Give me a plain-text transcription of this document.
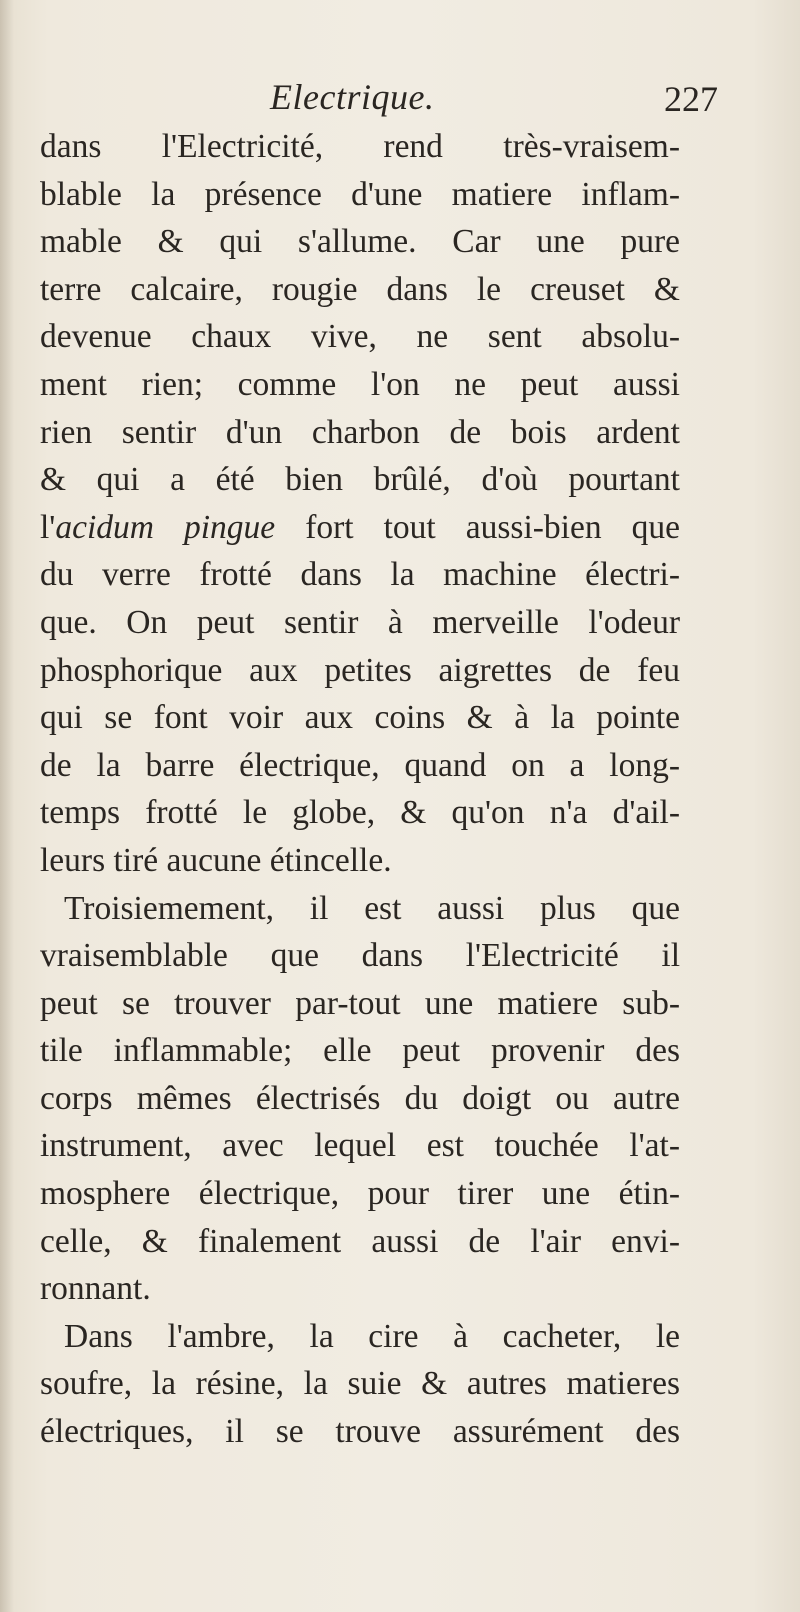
Electrique.	227
dans l'Electricité, rend très-vraisem-
blable la présence d'une matiere inflam-
mable & qui s'allume. Car une pure
terre calcaire, rougie dans le creuset &
devenue chaux vive, ne sent absolu-
ment rien; comme l'on ne peut aussi
rien sentir d'un charbon de bois ardent
& qui a été bien brûlé, d'où pourtant
l'acidum pingue fort tout aussi-bien que
du verre frotté dans la machine électri-
que. On peut sentir à merveille l'odeur
phosphorique aux petites aigrettes de feu
qui se font voir aux coins & à la pointe
de la barre électrique, quand on a long-
temps frotté le globe, & qu'on n'a d'ail-
leurs tiré aucune étincelle.
Troisiemement, il est aussi plus que
vraisemblable que dans l'Electricité il
peut se trouver par-tout une matiere sub-
tile inflammable; elle peut provenir des
corps mêmes électrisés du doigt ou autre
instrument, avec lequel est touchée l'at-
mosphere électrique, pour tirer une étin-
celle, & finalement aussi de l'air envi-
ronnant.
Dans l'ambre, la cire à cacheter, le
soufre, la résine, la suie & autres matieres
électriques, il se trouve assurément des
